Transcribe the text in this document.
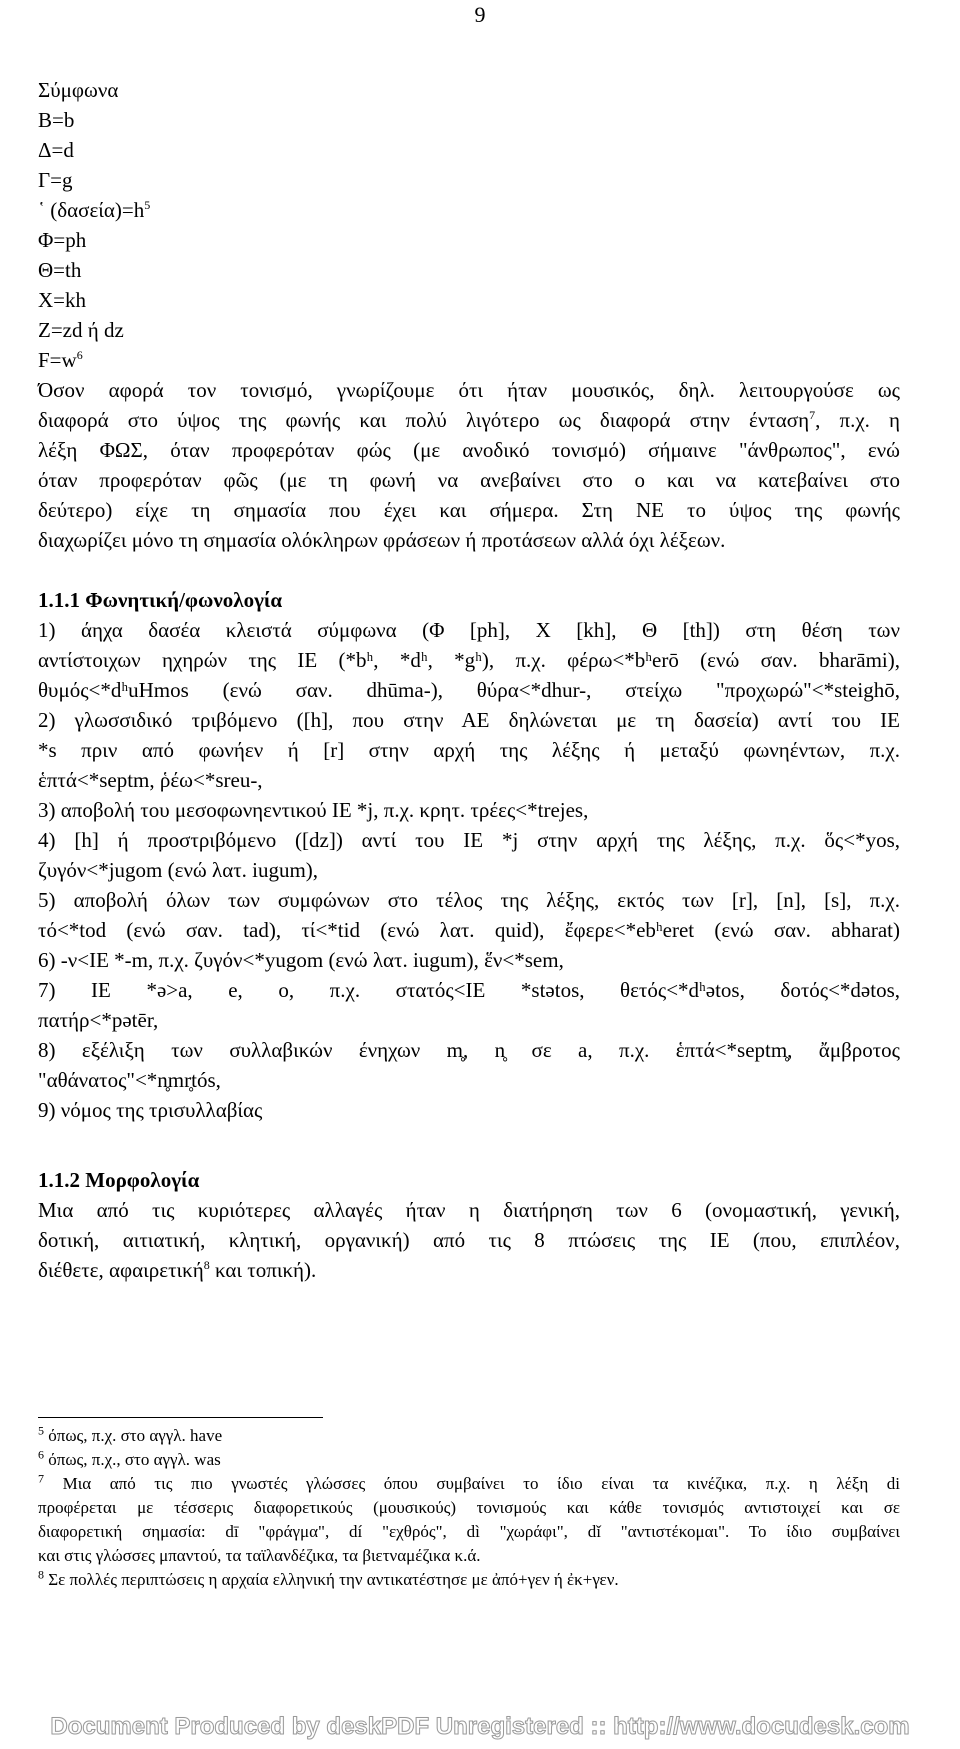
9
Σύμφωνα
Β=b
Δ=d
Γ=g
῾ $(\delta\alpha\sigma\varepsilon ί\alpha)=h^5$
Φ=ph
Θ=th
Χ=kh
Ζ=zd ή dz
$F=w^6$
Όσον αφορά τον τονισμό, γνωρίζουμε ότι ήταν μουσικός, δηλ. λειτουργούσε ως
διαφορά στο ύψος της φωνής και πολύ λιγότερο ως διαφορά στην ένταση$^7$, π.χ. η
λέξη ΦΩΣ, όταν προφερόταν φώς (με ανοδικό τονισμό) σήμαινε "άνθρωπος", ενώ
όταν προφερόταν φῶς (με τη φωνή να ανεβαίνει στο ο και να κατεβαίνει στο
δεύτερο) είχε τη σημασία που έχει και σήμερα. Στη ΝΕ το ύψος της φωνής
διαχωρίζει μόνο τη σημασία ολόκληρων φράσεων ή προτάσεων αλλά όχι λέξεων.
1.1.1 Φωνητική/φωνολογία
1) άηχα δασέα κλειστά σύμφωνα (Φ [ph], Χ [kh], Θ [th]) στη θέση των
αντίστοιχων ηχηρών της ΙΕ (*bʰ, *dʰ, *gʰ), π.χ. φέρω<*bʰerō (ενώ σαν. bharāmi),
θυμός<*dʰuHmos (ενώ σαν. dhūma-), θύρα<*dhur-, στείχω "προχωρώ"<*steighō,
2) γλωσσιδικό τριβόμενο ([h], που στην ΑΕ δηλώνεται με τη δασεία) αντί του ΙΕ
*s πριν από φωνήεν ή [r] στην αρχή της λέξης ή μεταξύ φωνηέντων, π.χ.
ἑπτά<*septm, ῥέω<*sreu-,
3) αποβολή του μεσοφωνηεντικού ΙΕ *j, π.χ. κρητ. τρέες<*trejes,
4) [h] ή προστριβόμενο ([dz]) αντί του ΙΕ *j στην αρχή της λέξης, π.χ. ὅς<*yos,
ζυγόν<*jugom (ενώ λατ. iugum),
5) αποβολή όλων των συμφώνων στο τέλος της λέξης, εκτός των [r], [n], [s], π.χ.
τό<*tod (ενώ σαν. tad), τί<*tid (ενώ λατ. quid), ἔφερε<*ebʰeret (ενώ σαν. abharat)
6) -ν<ΙΕ *-m, π.χ. ζυγόν<*yugom (ενώ λατ. iugum), ἕν<*sem,
7) ΙΕ *ə>a, e, o, π.χ. στατός<ΙΕ *stətos, θετός<*dʰətos, δοτός<*dətos,
πατήρ<*pətēr,
8) εξέλιξη των συλλαβικών ένηχων m̥, n̥ σε a, π.χ. ἑπτά<*septm̥, ἄμβροτος
"αθάνατος"<*n̥mr̥tós,
9) νόμος της τρισυλλαβίας
1.1.2 Μορφολογία
Μια από τις κυριότερες αλλαγές ήταν η διατήρηση των 6 (ονομαστική, γενική,
δοτική, αιτιατική, κλητική, οργανική) από τις 8 πτώσεις της ΙΕ (που, επιπλέον,
διέθετε, αφαιρετική$^8$ και τοπική).
$^5$ όπως, π.χ. στο αγγλ. have
$^6$ όπως, π.χ., στο αγγλ. was
$^7$ Μια από τις πιο γνωστές γλώσσες όπου συμβαίνει το ίδιο είναι τα κινέζικα, π.χ. η λέξη di
προφέρεται με τέσσερις διαφορετικούς (μουσικούς) τονισμούς και κάθε τονισμός αντιστοιχεί και σε
διαφορετική σημασία: dī "φράγμα", dí "εχθρός", dì "χωράφι", dǐ "αντιστέκομαι". Το ίδιο συμβαίνει
και στις γλώσσες μπαντού, τα ταϊλανδέζικα, τα βιετναμέζικα κ.ά.
$^8$ Σε πολλές περιπτώσεις η αρχαία ελληνική την αντικατέστησε με ἀπό+γεν ή ἐκ+γεν.
Document Produced by deskPDF Unregistered :: http://www.docudesk.com
